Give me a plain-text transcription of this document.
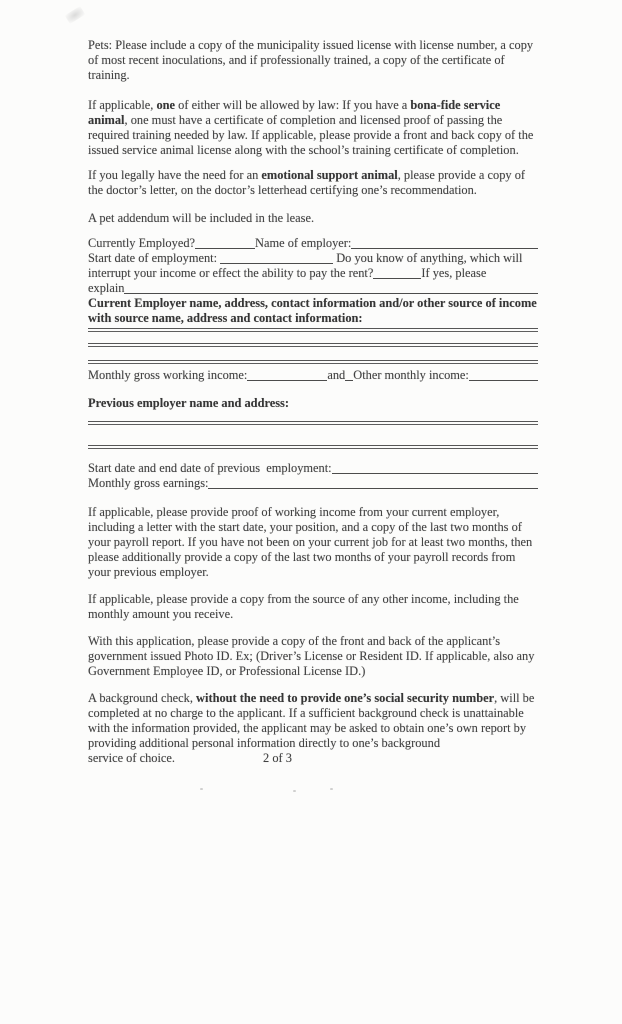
Pets: Please include a copy of the municipality issued license with license number, a copy of most recent inoculations, and if professionally trained, a copy of the certificate of training.

If applicable, one of either will be allowed by law: If you have a bona-fide service animal, one must have a certificate of completion and licensed proof of passing the required training needed by law. If applicable, please provide a front and back copy of the issued service animal license along with the school’s training certificate of completion.

If you legally have the need for an emotional support animal, please provide a copy of the doctor’s letter, on the doctor’s letterhead certifying one’s recommendation.

A pet addendum will be included in the lease.

Currently Employed?	Name of employer:
Start date of employment:	Do you know of anything, which will
interrupt your income or effect the ability to pay the rent?	If yes, please
explain

Current Employer name, address, contact information and/or other source of income with source name, address and contact information:

Monthly gross working income:	and Other monthly income:

Previous employer name and address:

Start date and end date of previous  employment:
Monthly gross earnings:

If applicable, please provide proof of working income from your current employer, including a letter with the start date, your position, and a copy of the last two months of your payroll report. If you have not been on your current job for at least two months, then please additionally provide a copy of the last two months of your payroll records from your previous employer.

If applicable, please provide a copy from the source of any other income, including the monthly amount you receive.

With this application, please provide a copy of the front and back of the applicant’s government issued Photo ID. Ex; (Driver’s License or Resident ID. If applicable, also any Government Employee ID, or Professional License ID.)

A background check, without the need to provide one’s social security number, will be completed at no charge to the applicant. If a sufficient background check is unattainable with the information provided, the applicant may be asked to obtain one’s own report by providing additional personal information directly to one’s background

service of choice.	2 of 3
